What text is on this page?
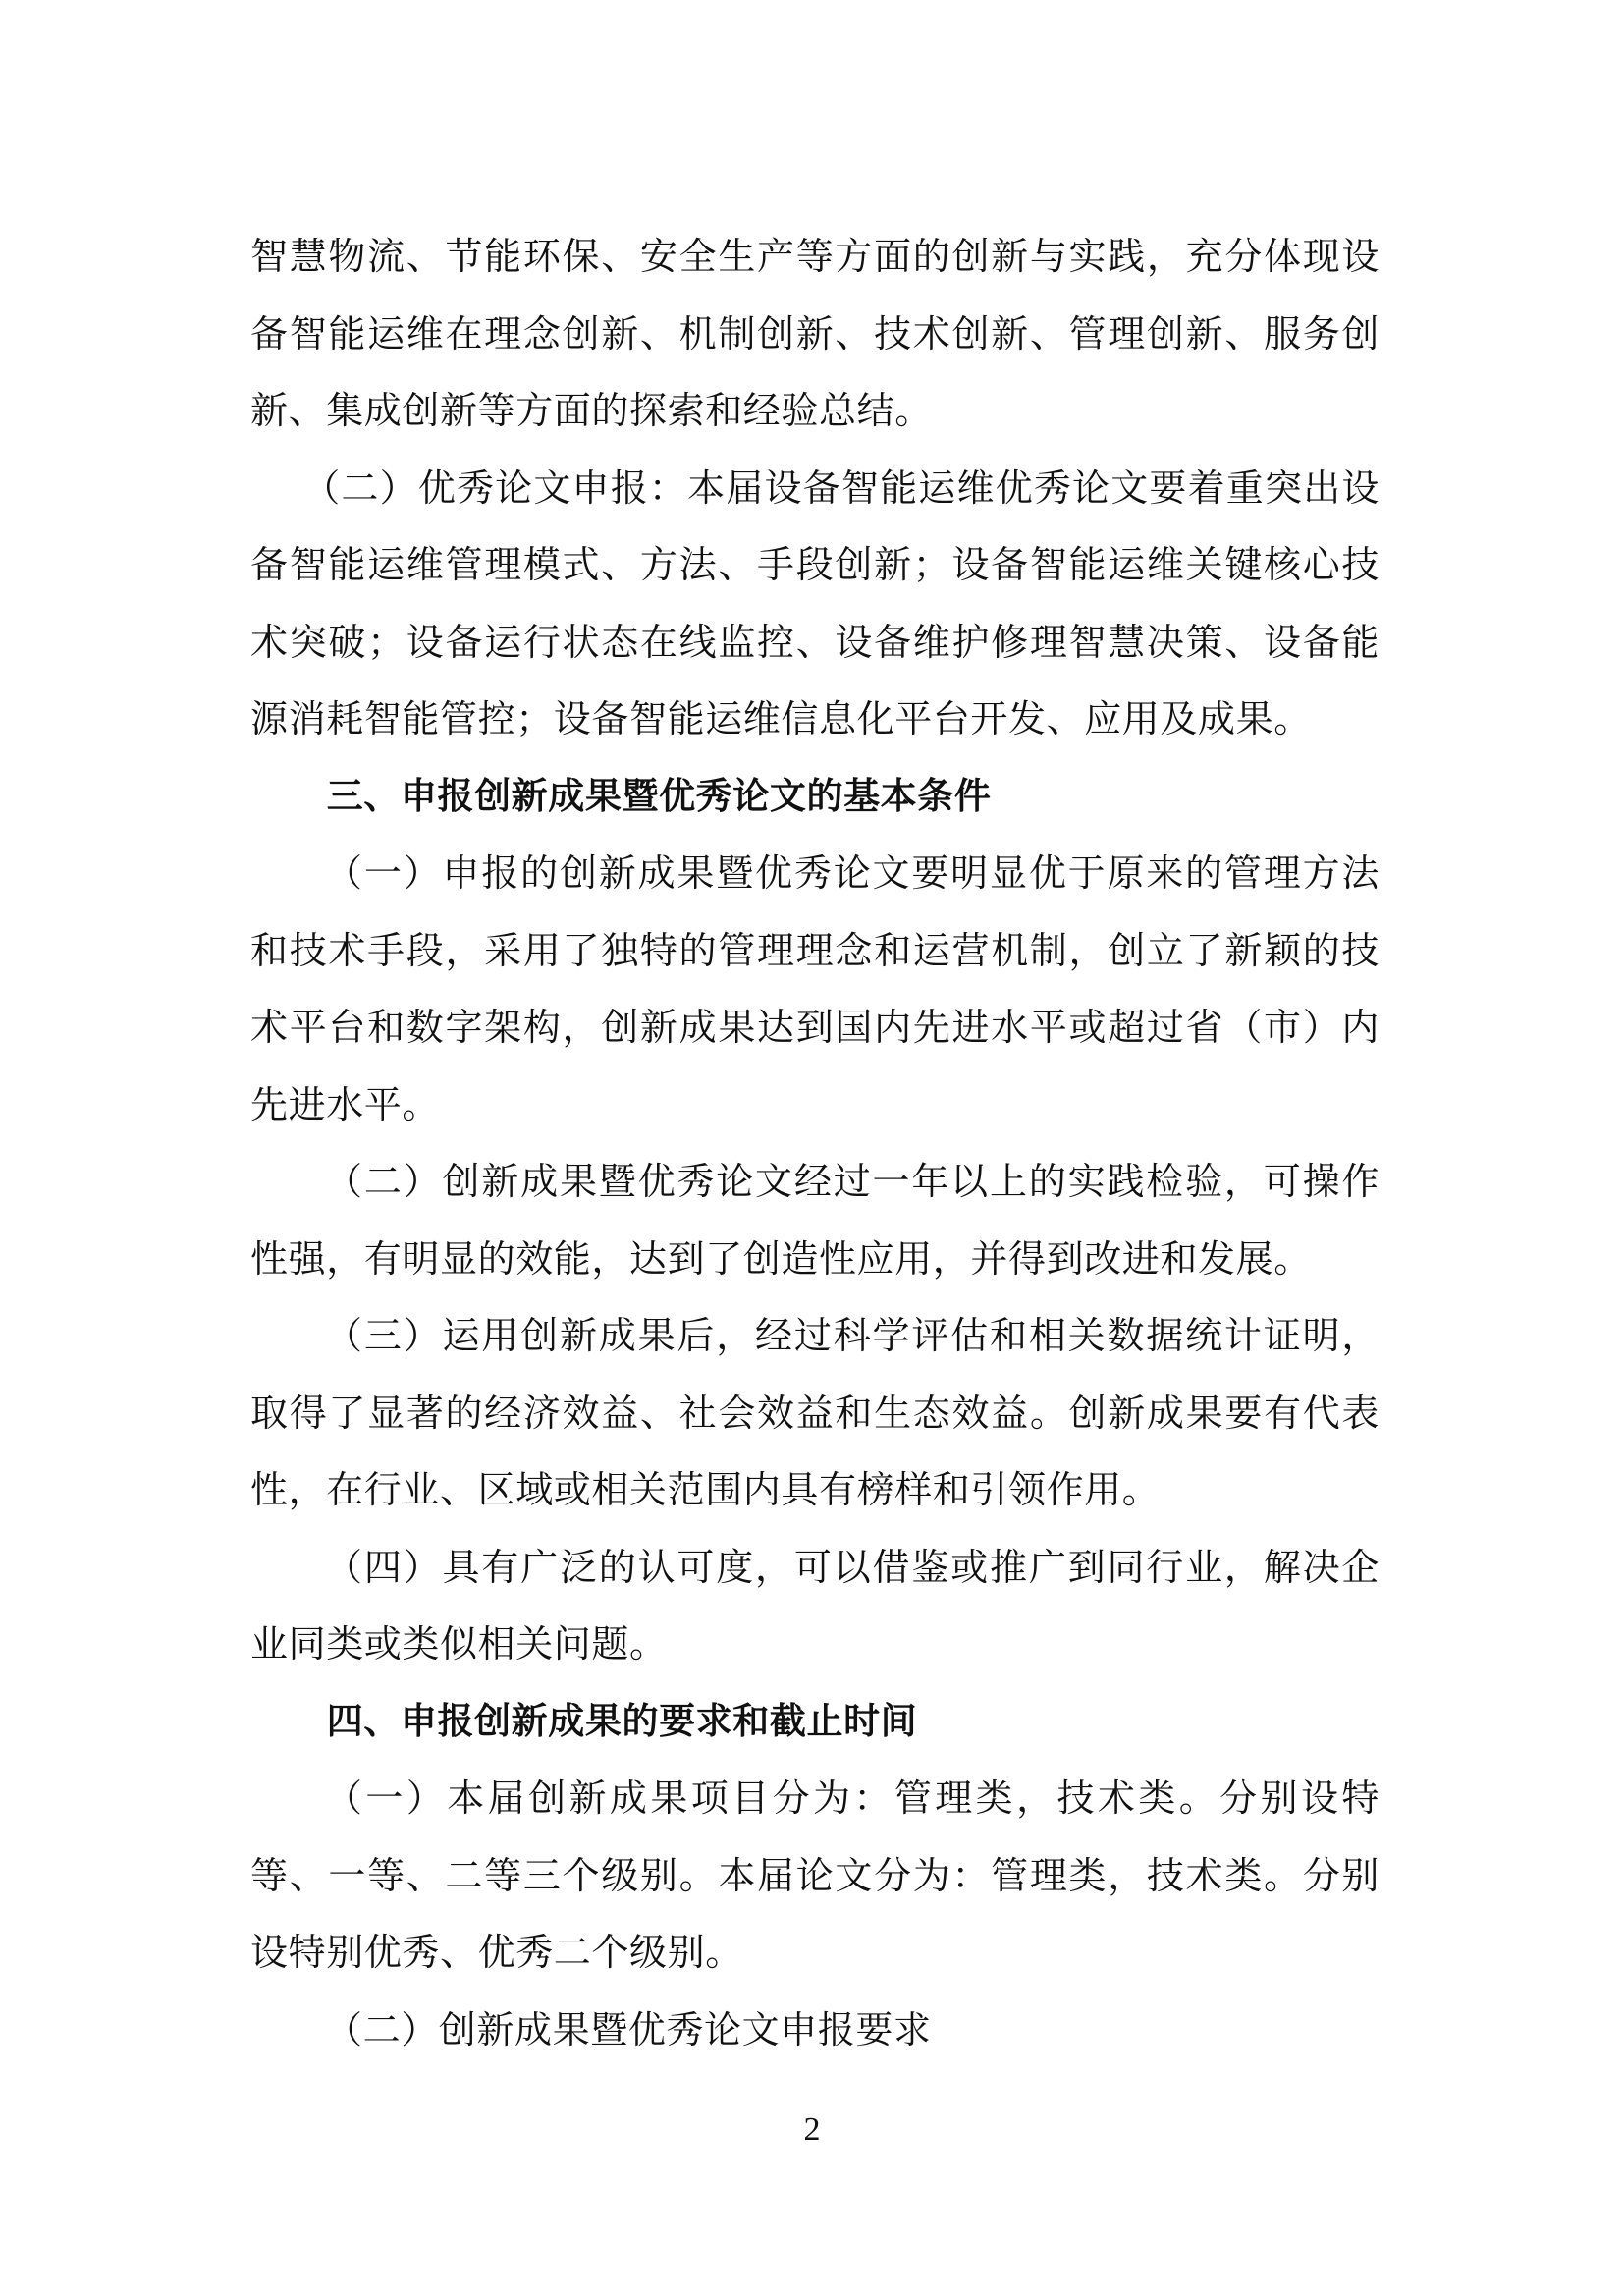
智慧物流、节能环保、安全生产等方面的创新与实践，充分体现设备智能运维在理念创新、机制创新、技术创新、管理创新、服务创新、集成创新等方面的探索和经验总结。

（二）优秀论文申报：本届设备智能运维优秀论文要着重突出设备智能运维管理模式、方法、手段创新；设备智能运维关键核心技术突破；设备运行状态在线监控、设备维护修理智慧决策、设备能源消耗智能管控；设备智能运维信息化平台开发、应用及成果。

三、申报创新成果暨优秀论文的基本条件

（一）申报的创新成果暨优秀论文要明显优于原来的管理方法和技术手段，采用了独特的管理理念和运营机制，创立了新颖的技术平台和数字架构，创新成果达到国内先进水平或超过省（市）内先进水平。

（二）创新成果暨优秀论文经过一年以上的实践检验，可操作性强，有明显的效能，达到了创造性应用，并得到改进和发展。

（三）运用创新成果后，经过科学评估和相关数据统计证明，取得了显著的经济效益、社会效益和生态效益。创新成果要有代表性，在行业、区域或相关范围内具有榜样和引领作用。

（四）具有广泛的认可度，可以借鉴或推广到同行业，解决企业同类或类似相关问题。

四、申报创新成果的要求和截止时间

（一）本届创新成果项目分为：管理类，技术类。分别设特等、一等、二等三个级别。本届论文分为：管理类，技术类。分别设特别优秀、优秀二个级别。

（二）创新成果暨优秀论文申报要求

2
